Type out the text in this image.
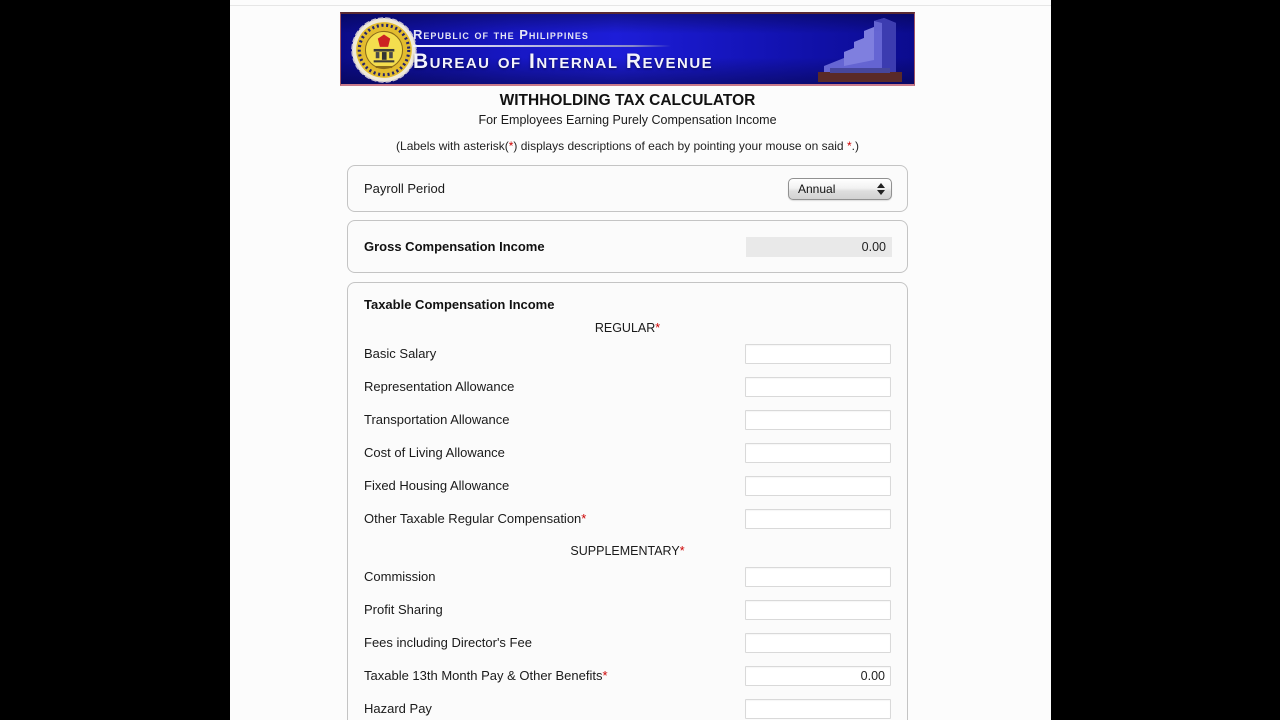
Republic of the Philippines
Bureau of Internal Revenue
WITHHOLDING TAX CALCULATOR
For Employees Earning Purely Compensation Income
(Labels with asterisk(*) displays descriptions of each by pointing your mouse on said *.)
Payroll Period	Annual
Gross Compensation Income	0.00
Taxable Compensation Income
REGULAR*
Basic Salary
Representation Allowance
Transportation Allowance
Cost of Living Allowance
Fixed Housing Allowance
Other Taxable Regular Compensation*
SUPPLEMENTARY*
Commission
Profit Sharing
Fees including Director's Fee
Taxable 13th Month Pay & Other Benefits*
0.00
Hazard Pay
